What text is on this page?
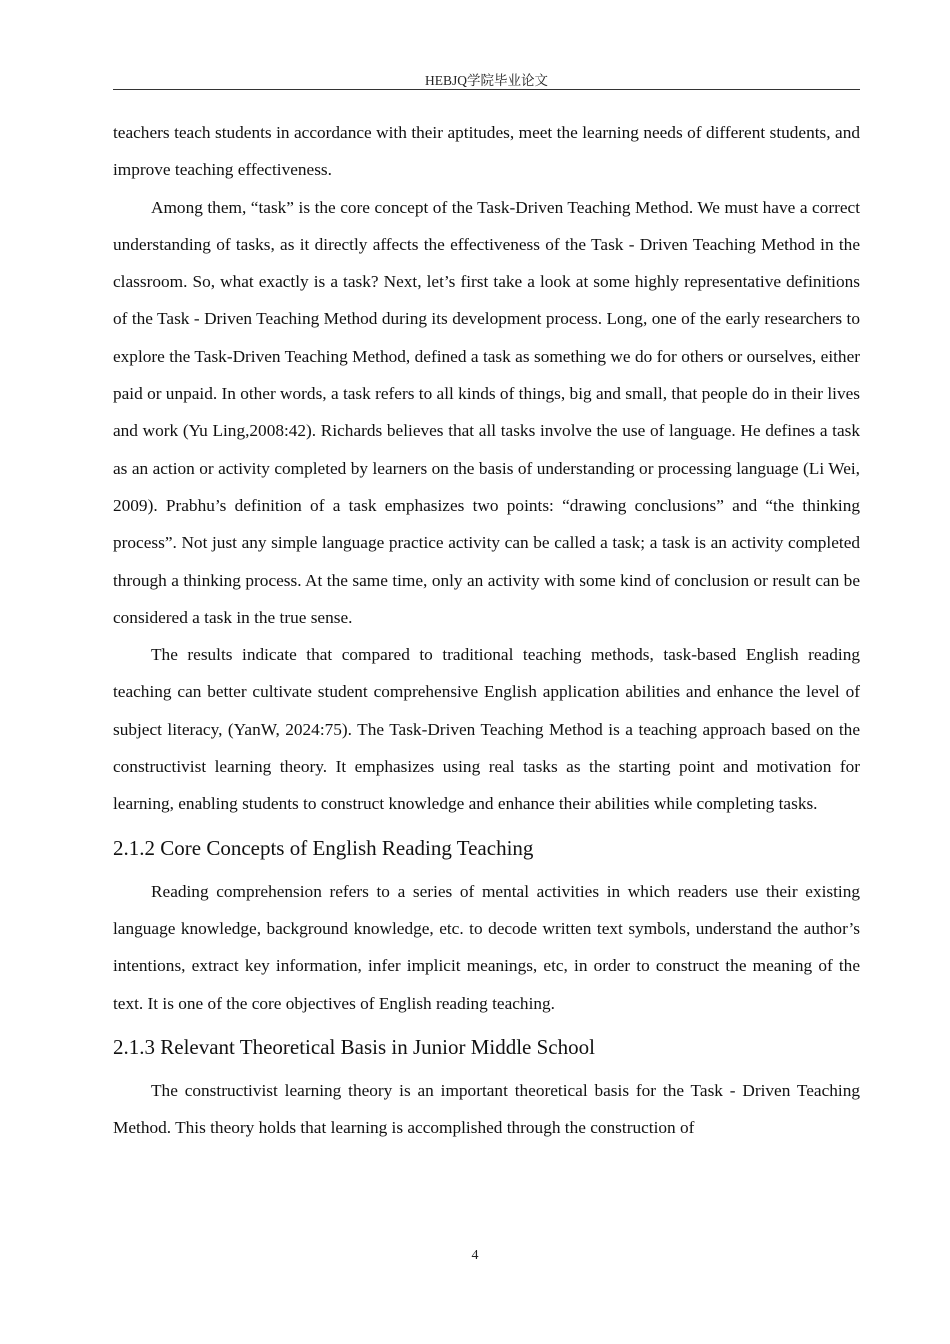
HEBJQ学院毕业论文

teachers teach students in accordance with their aptitudes, meet the learning needs of different students, and improve teaching effectiveness.

Among them, “task” is the core concept of the Task-Driven Teaching Method. We must have a correct understanding of tasks, as it directly affects the effectiveness of the Task - Driven Teaching Method in the classroom. So, what exactly is a task? Next, let’s first take a look at some highly representative definitions of the Task - Driven Teaching Method during its development process. Long, one of the early researchers to explore the Task-Driven Teaching Method, defined a task as something we do for others or ourselves, either paid or unpaid. In other words, a task refers to all kinds of things, big and small, that people do in their lives and work (Yu Ling,2008:42). Richards believes that all tasks involve the use of language. He defines a task as an action or activity completed by learners on the basis of understanding or processing language (Li Wei, 2009). Prabhu’s definition of a task emphasizes two points: “drawing conclusions” and “the thinking process”. Not just any simple language practice activity can be called a task; a task is an activity completed through a thinking process. At the same time, only an activity with some kind of conclusion or result can be considered a task in the true sense.

The results indicate that compared to traditional teaching methods, task-based English reading teaching can better cultivate student comprehensive English application abilities and enhance the level of subject literacy, (YanW, 2024:75). The Task-Driven Teaching Method is a teaching approach based on the constructivist learning theory. It emphasizes using real tasks as the starting point and motivation for learning, enabling students to construct knowledge and enhance their abilities while completing tasks.

2.1.2 Core Concepts of English Reading Teaching

Reading comprehension refers to a series of mental activities in which readers use their existing language knowledge, background knowledge, etc. to decode written text symbols, understand the author’s intentions, extract key information, infer implicit meanings, etc, in order to construct the meaning of the text. It is one of the core objectives of English reading teaching.

2.1.3 Relevant Theoretical Basis in Junior Middle School

The constructivist learning theory is an important theoretical basis for the Task - Driven Teaching Method. This theory holds that learning is accomplished through the construction of

4
